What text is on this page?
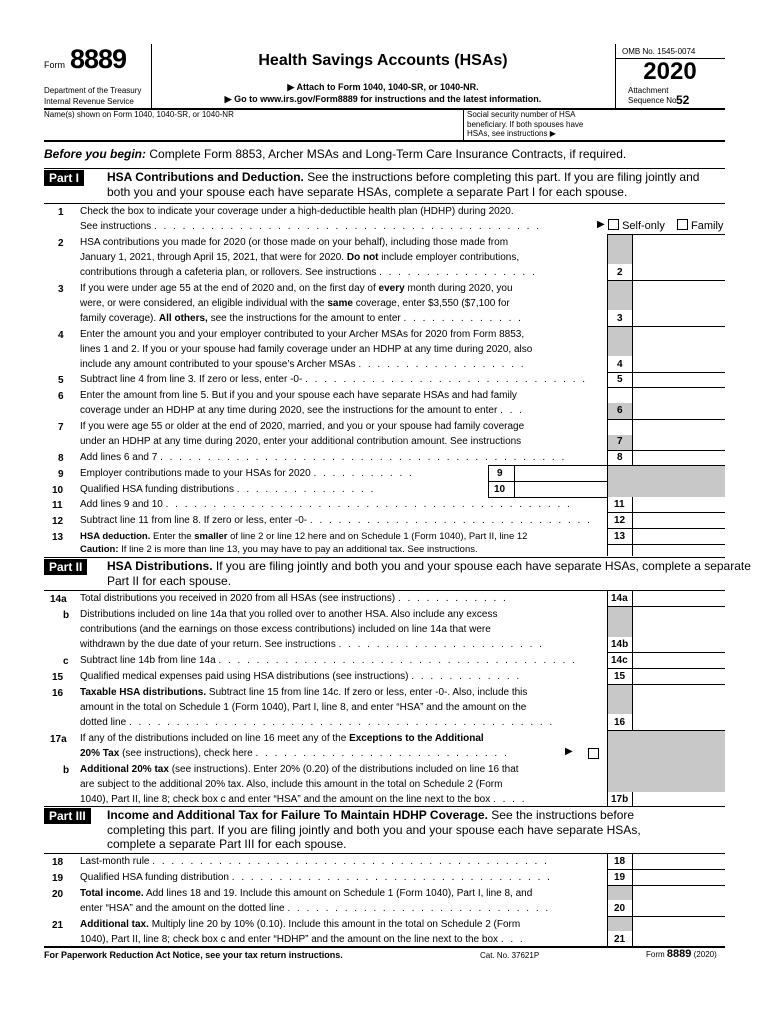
Form 8889
Department of the Treasury
Internal Revenue Service
Health Savings Accounts (HSAs)
▶ Attach to Form 1040, 1040-SR, or 1040-NR.
▶ Go to www.irs.gov/Form8889 for instructions and the latest information.
OMB No. 1545-0074
2020
Attachment
Sequence No.
52
Name(s) shown on Form 1040, 1040-SR, or 1040-NR	Social security number of HSA beneficiary. If both spouses have HSAs, see instructions ▶
Before you begin: Complete Form 8853, Archer MSAs and Long-Term Care Insurance Contracts, if required.
Part I	HSA Contributions and Deduction. See the instructions before completing this part. If you are filing jointly and both you and your spouse each have separate HSAs, complete a separate Part I for each spouse.
1 Check the box to indicate your coverage under a high-deductible health plan (HDHP) during 2020.
See instructions . . . . . . . . . . . . . . . . . . . . . . . . . . . . . . . . . . . . . . . . .	▶	Self-only Family
2 HSA contributions you made for 2020 (or those made on your behalf), including those made from
January 1, 2021, through April 15, 2021, that were for 2020. Do not include employer contributions,
contributions through a cafeteria plan, or rollovers. See instructions . . . . . . . . . . . . . . . . .	2
3 If you were under age 55 at the end of 2020 and, on the first day of every month during 2020, you
were, or were considered, an eligible individual with the same coverage, enter $3,550 ($7,100 for
family coverage). All others, see the instructions for the amount to enter . . . . . . . . . . . . .	3
4 Enter the amount you and your employer contributed to your Archer MSAs for 2020 from Form 8853,
lines 1 and 2. If you or your spouse had family coverage under an HDHP at any time during 2020, also
include any amount contributed to your spouse’s Archer MSAs . . . . . . . . . . . . . . . . . .	4
5 Subtract line 4 from line 3. If zero or less, enter -0- . . . . . . . . . . . . . . . . . . . . . . . . . . . . . .	5
6 Enter the amount from line 5. But if you and your spouse each have separate HSAs and had family
coverage under an HDHP at any time during 2020, see the instructions for the amount to enter . . .	6
7 If you were age 55 or older at the end of 2020, married, and you or your spouse had family coverage
under an HDHP at any time during 2020, enter your additional contribution amount. See instructions	7
8 Add lines 6 and 7 . . . . . . . . . . . . . . . . . . . . . . . . . . . . . . . . . . . . . . . . . . .	8
9 Employer contributions made to your HSAs for 2020 . . . . . . . . . . .	9
10 Qualified HSA funding distributions . . . . . . . . . . . . . . .	10
11 Add lines 9 and 10 . . . . . . . . . . . . . . . . . . . . . . . . . . . . . . . . . . . . . . . . . . .	11
12 Subtract line 11 from line 8. If zero or less, enter -0- . . . . . . . . . . . . . . . . . . . . . . . . . . . . . .	12
13 HSA deduction. Enter the smaller of line 2 or line 12 here and on Schedule 1 (Form 1040), Part II, line 12
Caution: If line 2 is more than line 13, you may have to pay an additional tax. See instructions.
13
Part II	HSA Distributions. If you are filing jointly and both you and your spouse each have separate HSAs, complete a separate Part II for each spouse.
14a Total distributions you received in 2020 from all HSAs (see instructions) . . . . . . . . . . . .	14a
b Distributions included on line 14a that you rolled over to another HSA. Also include any excess
contributions (and the earnings on those excess contributions) included on line 14a that were
withdrawn by the due date of your return. See instructions . . . . . . . . . . . . . . . . . . . . . .	14b
c Subtract line 14b from line 14a . . . . . . . . . . . . . . . . . . . . . . . . . . . . . . . . . . . . . .	14c
15 Qualified medical expenses paid using HSA distributions (see instructions) . . . . . . . . . . . .	15
16 Taxable HSA distributions. Subtract line 15 from line 14c. If zero or less, enter -0-. Also, include this
amount in the total on Schedule 1 (Form 1040), Part I, line 8, and enter “HSA” and the amount on the
dotted line . . . . . . . . . . . . . . . . . . . . . . . . . . . . . . . . . . . . . . . . . . . . .	16
17a If any of the distributions included on line 16 meet any of the Exceptions to the Additional
20% Tax (see instructions), check here . . . . . . . . . . . . . . . . . . . . . . . . . . .	▶
b Additional 20% tax (see instructions). Enter 20% (0.20) of the distributions included on line 16 that
are subject to the additional 20% tax. Also, include this amount in the total on Schedule 2 (Form
1040), Part II, line 8; check box c and enter “HSA” and the amount on the line next to the box . . . .	17b
Part III	Income and Additional Tax for Failure To Maintain HDHP Coverage. See the instructions before completing this part. If you are filing jointly and both you and your spouse each have separate HSAs, complete a separate Part III for each spouse.
18 Last-month rule . . . . . . . . . . . . . . . . . . . . . . . . . . . . . . . . . . . . . . . . . .	18
19 Qualified HSA funding distribution . . . . . . . . . . . . . . . . . . . . . . . . . . . . . . . . . .	19
20 Total income. Add lines 18 and 19. Include this amount on Schedule 1 (Form 1040), Part I, line 8, and
enter “HSA” and the amount on the dotted line . . . . . . . . . . . . . . . . . . . . . . . . . . . .	20
21 Additional tax. Multiply line 20 by 10% (0.10). Include this amount in the total on Schedule 2 (Form
1040), Part II, line 8; check box c and enter “HDHP” and the amount on the line next to the box . . .	21
For Paperwork Reduction Act Notice, see your tax return instructions.	Cat. No. 37621P	Form 8889 (2020)
